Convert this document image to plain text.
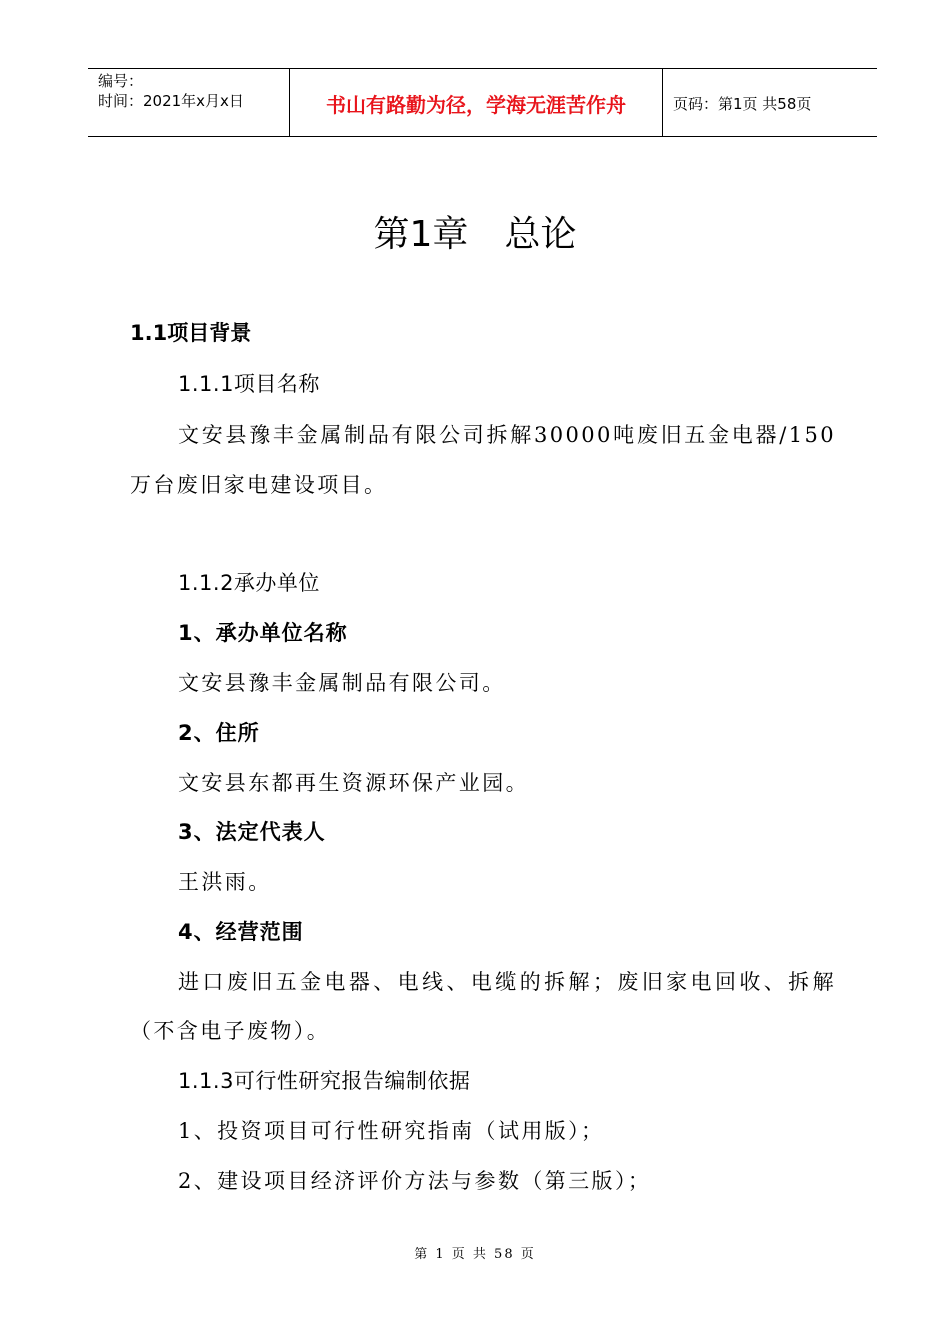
编号：
时间：2021年x月x日	书山有路勤为径，学海无涯苦作舟	页码：第1页 共58页
第1章 总论
1.1项目背景
1.1.1项目名称
文安县豫丰金属制品有限公司拆解30000吨废旧五金电器/150
万台废旧家电建设项目。
1.1.2承办单位
1、承办单位名称
文安县豫丰金属制品有限公司。
2、住所
文安县东都再生资源环保产业园。
3、法定代表人
王洪雨。
4、经营范围
进口废旧五金电器、电线、电缆的拆解；废旧家电回收、拆解
（不含电子废物）。
1.1.3可行性研究报告编制依据
1、投资项目可行性研究指南（试用版）；
2、建设项目经济评价方法与参数（第三版）；
第 1 页 共 58 页
